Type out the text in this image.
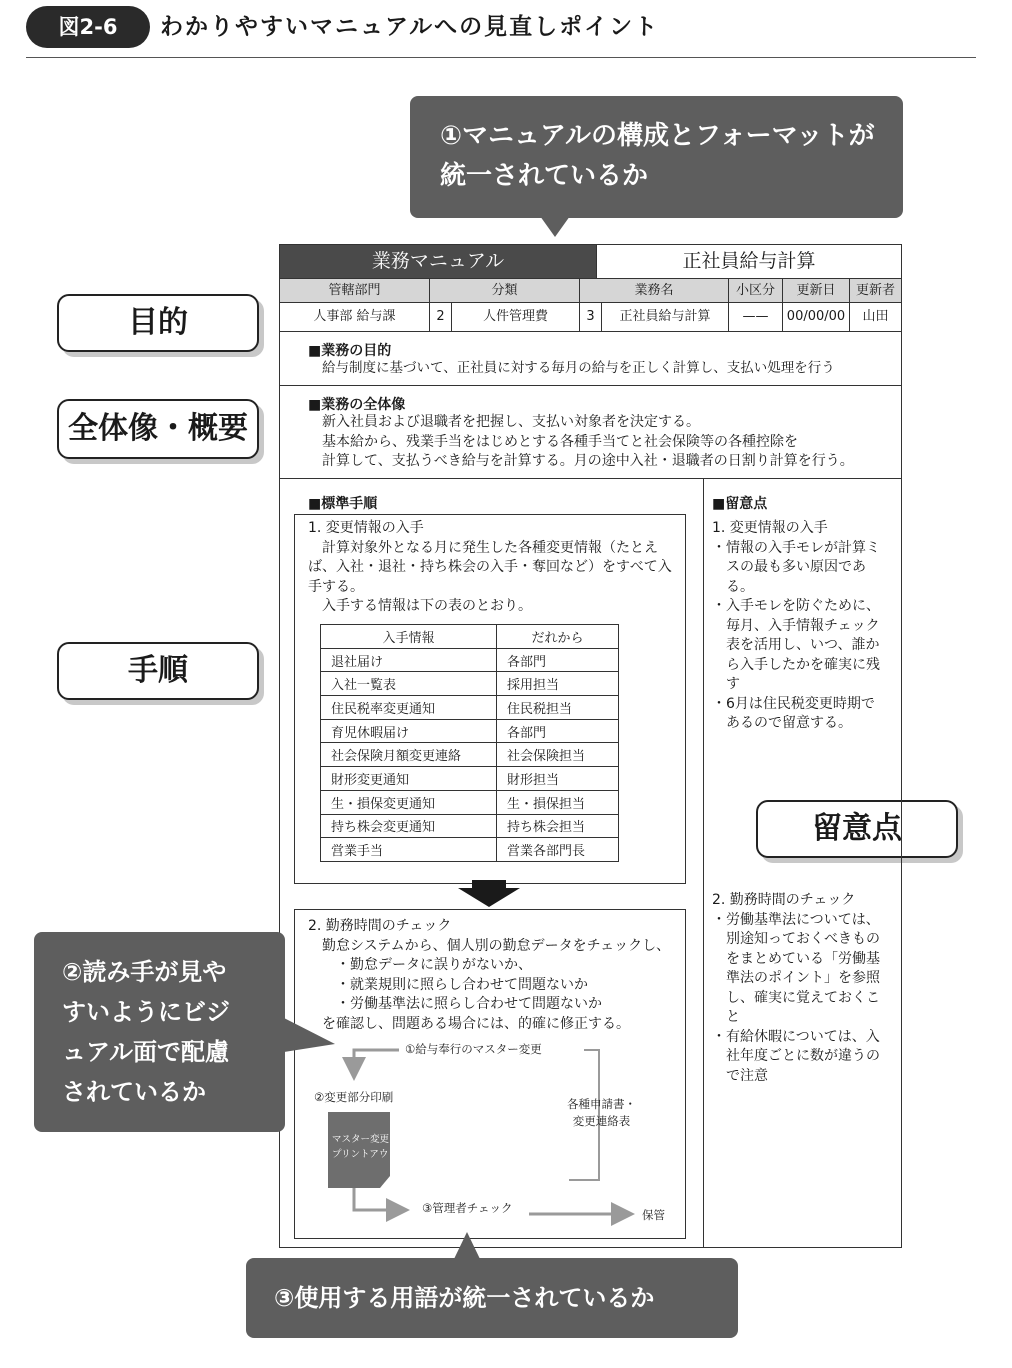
図2-6	わかりやすいマニュアルへの見直しポイント
①マニュアルの構成とフォーマットが
統一されているか
目的
全体像・概要
手順
留意点
業務マニュアル	正社員給与計算
管轄部門	分類	業務名	小区分	更新日	更新者
人事部 給与課	2	人件管理費	3	正社員給与計算	——	00/00/00	山田
■業務の目的
給与制度に基づいて、正社員に対する毎月の給与を正しく計算し、支払い処理を行う
■業務の全体像
新入社員および退職者を把握し、支払い対象者を決定する。
基本給から、残業手当をはじめとする各種手当てと社会保険等の各種控除を
計算して、支払うべき給与を計算する。月の途中入社・退職者の日割り計算を行う。
■標準手順
1. 変更情報の入手
　計算対象外となる月に発生した各種変更情報（たとえ
ば、入社・退社・持ち株会の入手・奪回など）をすべて入
手する。
　入手する情報は下の表のとおり。
入手情報	だれから
退社届け	各部門
入社一覧表	採用担当
住民税率変更通知	住民税担当
育児休暇届け	各部門
社会保険月額変更連絡	社会保険担当
財形変更通知	財形担当
生・損保変更通知	生・損保担当
持ち株会変更通知	持ち株会担当
営業手当	営業各部門長
2. 勤務時間のチェック
　勤怠システムから、個人別の勤怠データをチェックし、
　　・勤怠データに誤りがないか、
　　・就業規則に照らし合わせて問題ないか
　　・労働基準法に照らし合わせて問題ないか
　を確認し、問題ある場合には、的確に修正する。
①給与奉行のマスター変更
②変更部分印刷
マスター変更の
プリントアウト
各種申請書・
変更連絡表
③管理者チェック	保管
■留意点
1. 変更情報の入手
・情報の入手モレが計算ミ
　スの最も多い原因であ
　る。
・入手モレを防ぐために、
　毎月、入手情報チェック
　表を活用し、いつ、誰か
　ら入手したかを確実に残
　す
・6月は住民税変更時期で
　あるので留意する。
2. 勤務時間のチェック
・労働基準法については、
　別途知っておくべきもの
　をまとめている「労働基
　準法のポイント」を参照
　し、確実に覚えておくこ
　と
・有給休暇については、入
　社年度ごとに数が違うの
　で注意
②読み手が見や
すいようにビジ
ュアル面で配慮
されているか
③使用する用語が統一されているか
